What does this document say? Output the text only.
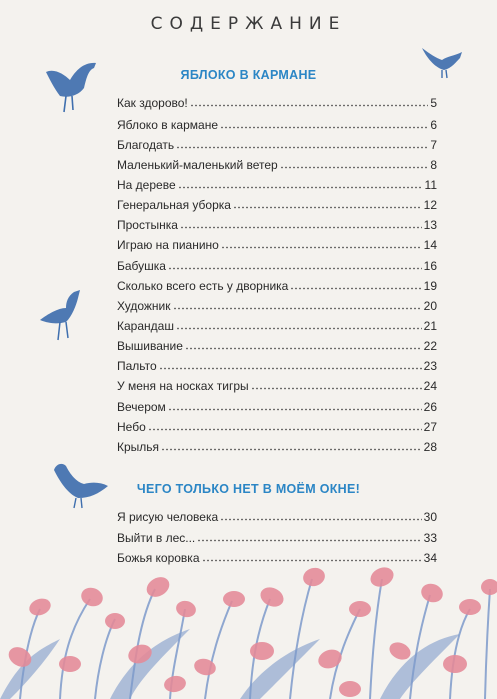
СОДЕРЖАНИЕ
ЯБЛОКО В КАРМАНЕ
Как здорово!	5
Яблоко в кармане	6
Благодать	7
Маленький-маленький ветер	8
На дереве	11
Генеральная уборка	12
Простынка	13
Играю на пианино	14
Бабушка	16
Сколько всего есть у дворника	19
Художник	20
Карандаш	21
Вышивание	22
Пальто	23
У меня на носках тигры	24
Вечером	26
Небо	27
Крылья	28
ЧЕГО ТОЛЬКО НЕТ В МОЁМ ОКНЕ!
Я рисую человека	30
Выйти в лес...	33
Божья коровка	34
